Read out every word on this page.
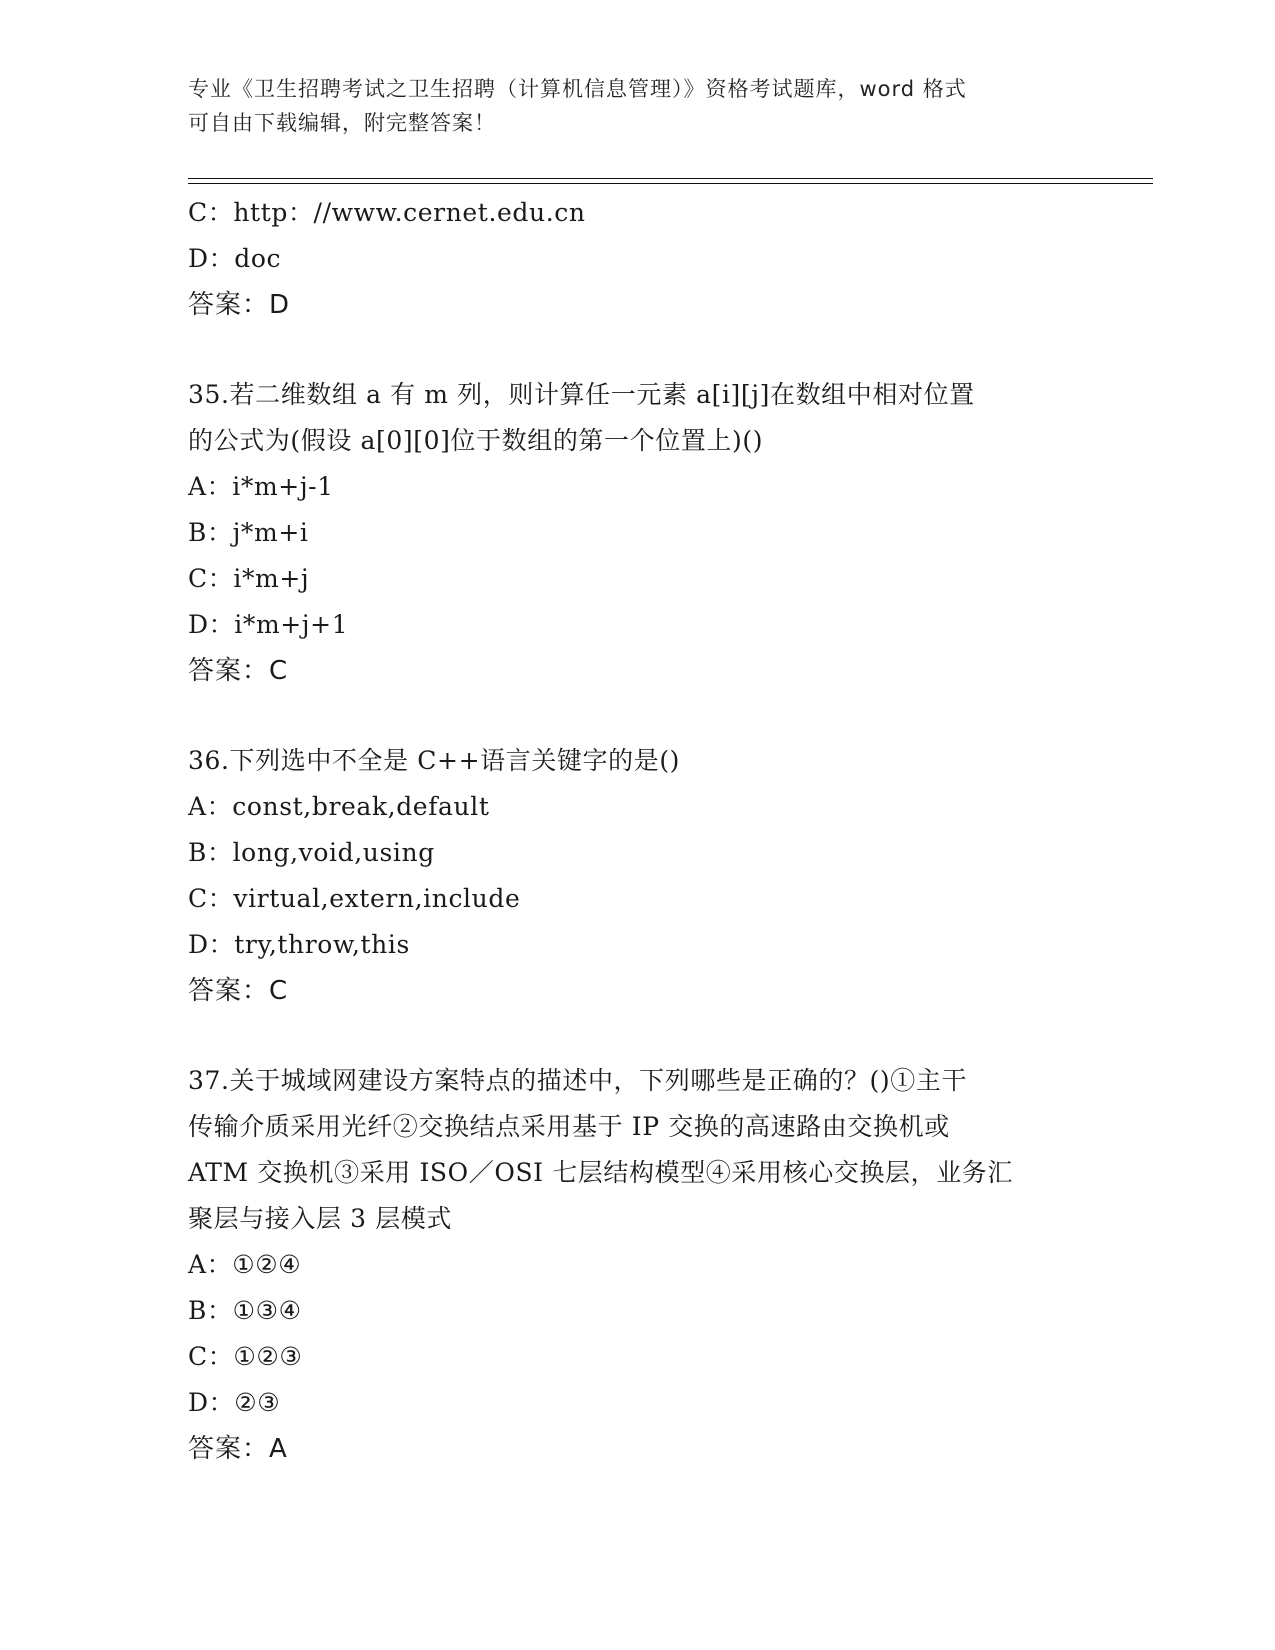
专业《卫生招聘考试之卫生招聘（计算机信息管理）》资格考试题库，word 格式
可自由下载编辑，附完整答案！
C：http：//www.cernet.edu.cn
D：doc
答案：D
35.若二维数组 a 有 m 列，则计算任一元素 a[i][j]在数组中相对位置
的公式为(假设 a[0][0]位于数组的第一个位置上)()
A：i*m+j-1
B：j*m+i
C：i*m+j
D：i*m+j+1
答案：C
36.下列选中不全是 C++语言关键字的是()
A：const,break,default
B：long,void,using
C：virtual,extern,include
D：try,throw,this
答案：C
37.关于城域网建设方案特点的描述中，下列哪些是正确的？()①主干
传输介质采用光纤②交换结点采用基于 IP 交换的高速路由交换机或
ATM 交换机③采用 ISO／OSI 七层结构模型④采用核心交换层，业务汇
聚层与接入层 3 层模式
A：①②④
B：①③④
C：①②③
D：②③
答案：A
